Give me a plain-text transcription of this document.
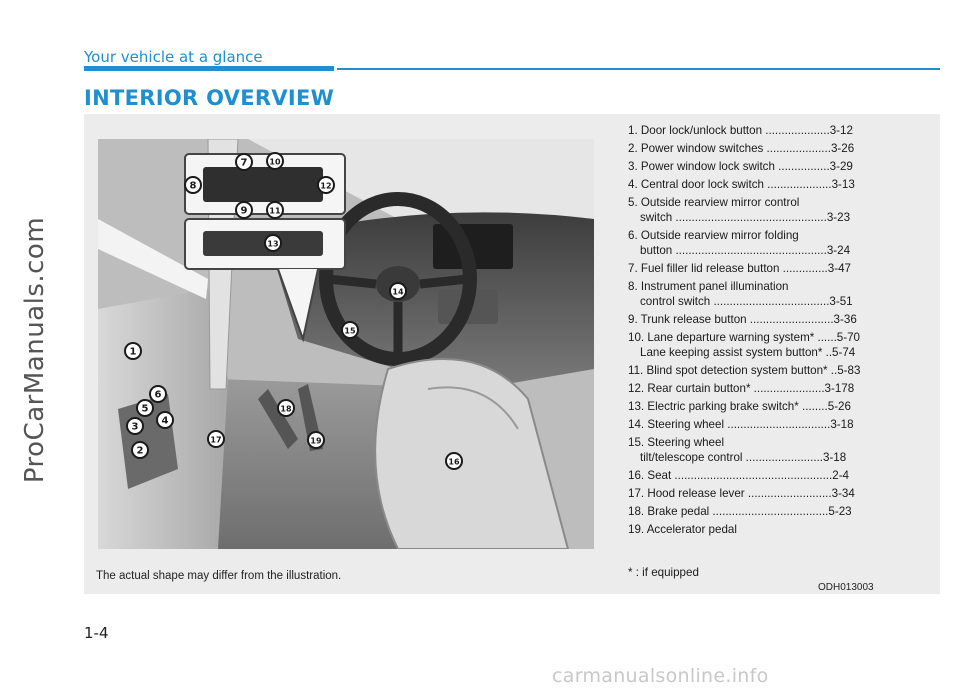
ProCarManuals.com
Your vehicle at a glance
INTERIOR OVERVIEW
1
2
3
4
5
6
7
8
9
10
11
12
13
14
15
16
17
18
19
The actual shape may differ from the illustration.
1. Door lock/unlock button ....................3-12
2. Power window switches ....................3-26
3. Power window lock switch ................3-29
4. Central door lock switch ....................3-13
5. Outside rearview mirror control
switch ...............................................3-23
6. Outside rearview mirror folding
button ...............................................3-24
7. Fuel filler lid release button ..............3-47
8. Instrument panel illumination
control switch ....................................3-51
9. Trunk release button ..........................3-36
10. Lane departure warning system* ......5-70
Lane keeping assist system button* ..5-74
11. Blind spot detection system button* ..5-83
12. Rear curtain button* ......................3-178
13. Electric parking brake switch* ........5-26
14. Steering wheel ................................3-18
15. Steering wheel
tilt/telescope control ........................3-18
16. Seat .................................................2-4
17. Hood release lever ..........................3-34
18. Brake pedal ....................................5-23
19. Accelerator pedal
* : if equipped
ODH013003
1-4
carmanualsonline.info
